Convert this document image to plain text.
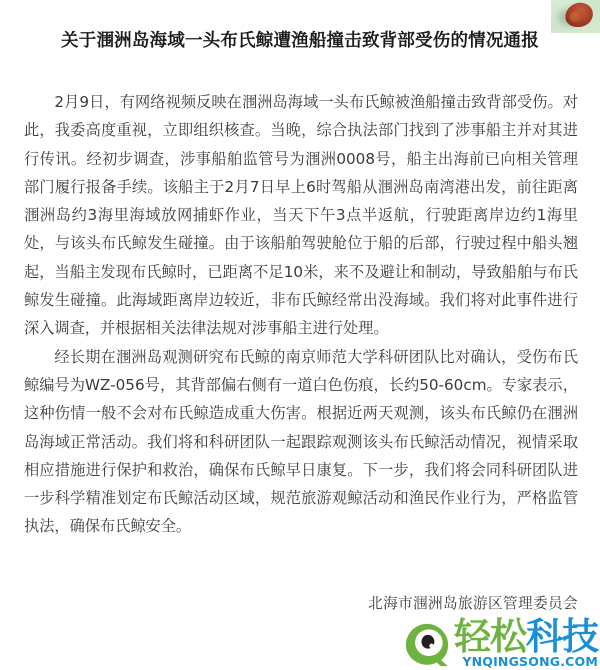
关于涠洲岛海域一头布氏鲸遭渔船撞击致背部受伤的情况通报

2月9日，有网络视频反映在涠洲岛海域一头布氏鲸被渔船撞击致背部受伤。对此，我委高度重视，立即组织核查。当晚，综合执法部门找到了涉事船主并对其进行传讯。经初步调查，涉事船舶监管号为涠洲0008号，船主出海前已向相关管理部门履行报备手续。该船主于2月7日早上6时驾船从涠洲岛南湾港出发，前往距离涠洲岛约3海里海域放网捕虾作业，当天下午3点半返航，行驶距离岸边约1海里处，与该头布氏鲸发生碰撞。由于该船舶驾驶舱位于船的后部，行驶过程中船头翘起，当船主发现布氏鲸时，已距离不足10米，来不及避让和制动，导致船舶与布氏鲸发生碰撞。此海域距离岸边较近，非布氏鲸经常出没海域。我们将对此事件进行深入调查，并根据相关法律法规对涉事船主进行处理。

经长期在涠洲岛观测研究布氏鲸的南京师范大学科研团队比对确认，受伤布氏鲸编号为WZ-056号，其背部偏右侧有一道白色伤痕，长约50-60cm。专家表示，这种伤情一般不会对布氏鲸造成重大伤害。根据近两天观测，该头布氏鲸仍在涠洲岛海域正常活动。我们将和科研团队一起跟踪观测该头布氏鲸活动情况，视情采取相应措施进行保护和救治，确保布氏鲸早日康复。下一步，我们将会同科研团队进一步科学精准划定布氏鲸活动区域，规范旅游观鲸活动和渔民作业行为，严格监管执法，确保布氏鲸安全。

北海市涠洲岛旅游区管理委员会
轻松科技
YNQINGSONG.COM
